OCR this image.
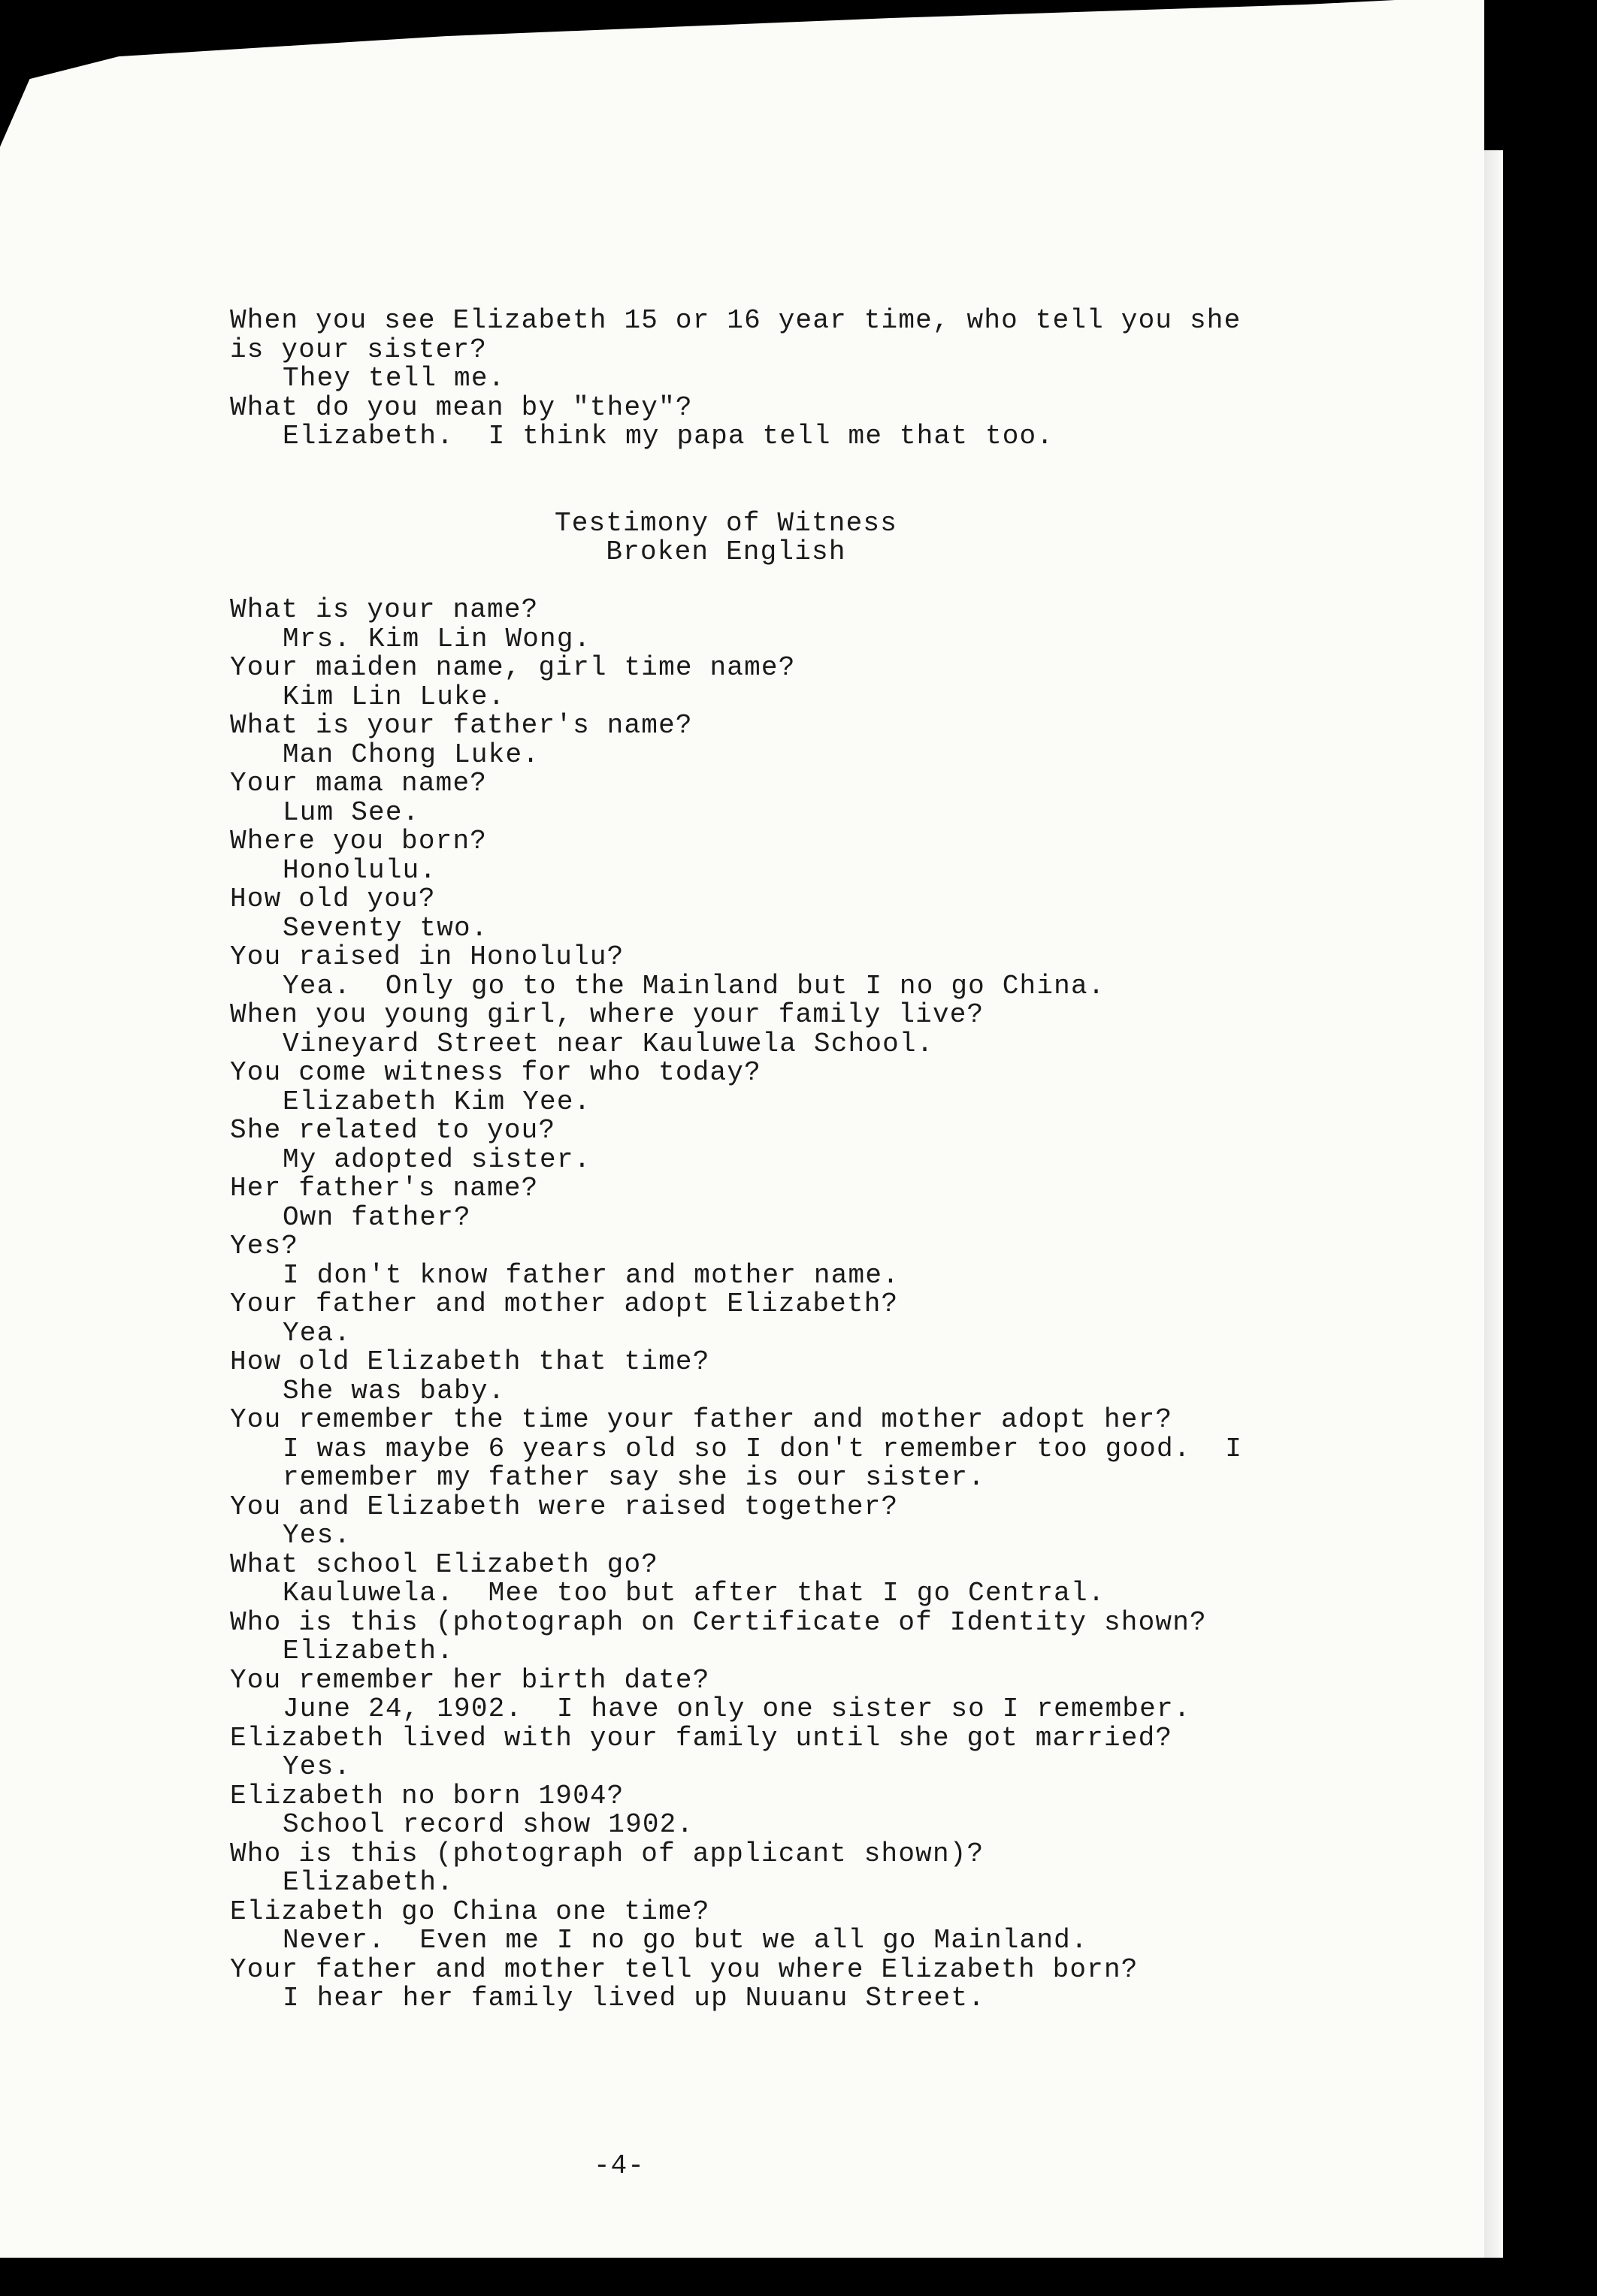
When you see Elizabeth 15 or 16 year time, who tell you she
is your sister?
They tell me.
What do you mean by "they"?
Elizabeth.  I think my papa tell me that too.
Testimony of Witness
Broken English
What is your name?
Mrs. Kim Lin Wong.
Your maiden name, girl time name?
Kim Lin Luke.
What is your father's name?
Man Chong Luke.
Your mama name?
Lum See.
Where you born?
Honolulu.
How old you?
Seventy two.
You raised in Honolulu?
Yea.  Only go to the Mainland but I no go China.
When you young girl, where your family live?
Vineyard Street near Kauluwela School.
You come witness for who today?
Elizabeth Kim Yee.
She related to you?
My adopted sister.
Her father's name?
Own father?
Yes?
I don't know father and mother name.
Your father and mother adopt Elizabeth?
Yea.
How old Elizabeth that time?
She was baby.
You remember the time your father and mother adopt her?
I was maybe 6 years old so I don't remember too good.  I
remember my father say she is our sister.
You and Elizabeth were raised together?
Yes.
What school Elizabeth go?
Kauluwela.  Mee too but after that I go Central.
Who is this (photograph on Certificate of Identity shown?
Elizabeth.
You remember her birth date?
June 24, 1902.  I have only one sister so I remember.
Elizabeth lived with your family until she got married?
Yes.
Elizabeth no born 1904?
School record show 1902.
Who is this (photograph of applicant shown)?
Elizabeth.
Elizabeth go China one time?
Never.  Even me I no go but we all go Mainland.
Your father and mother tell you where Elizabeth born?
I hear her family lived up Nuuanu Street.
-4-
